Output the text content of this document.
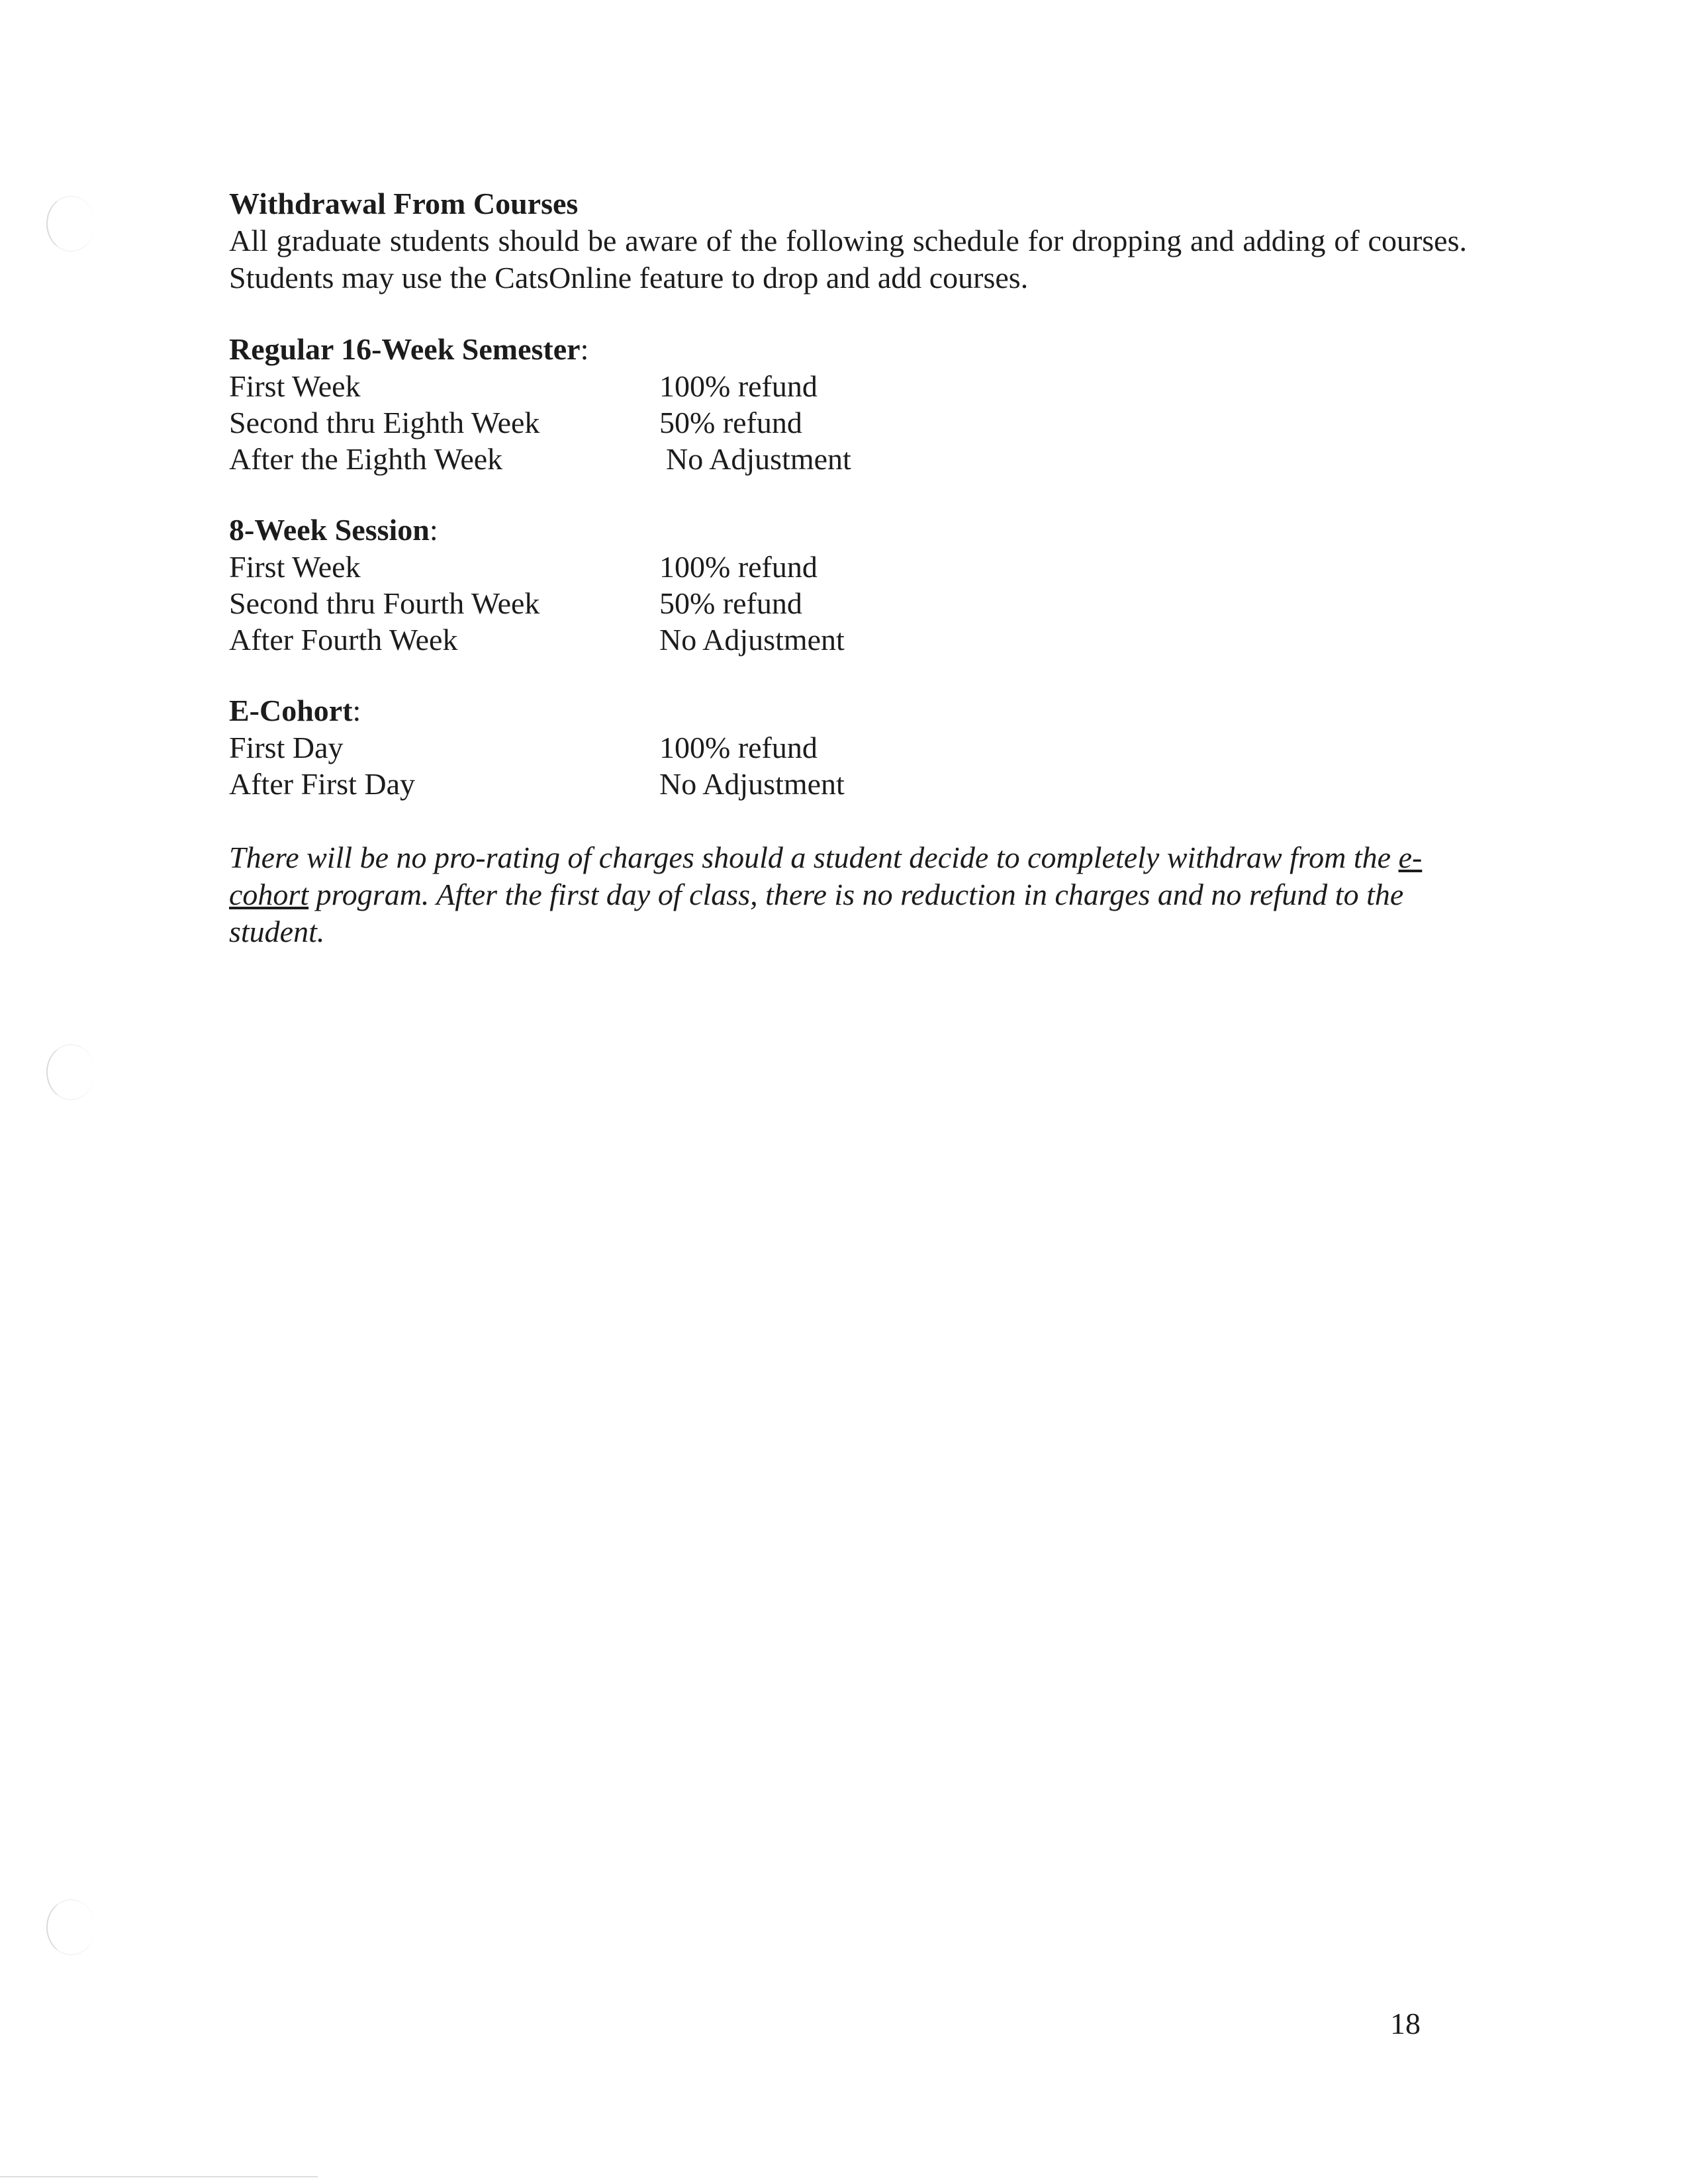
Withdrawal From Courses

All graduate students should be aware of the following schedule for dropping and adding of courses. Students may use the CatsOnline feature to drop and add courses.

Regular 16-Week Semester:

First Week	100% refund
Second thru Eighth Week	50% refund
After the Eighth Week	No Adjustment

8-Week Session:

First Week	100% refund
Second thru Fourth Week	50% refund
After Fourth Week	No Adjustment

E-Cohort:

First Day	100% refund
After First Day	No Adjustment

There will be no pro-rating of charges should a student decide to completely withdraw from the e-cohort program. After the first day of class, there is no reduction in charges and no refund to the student.

18
